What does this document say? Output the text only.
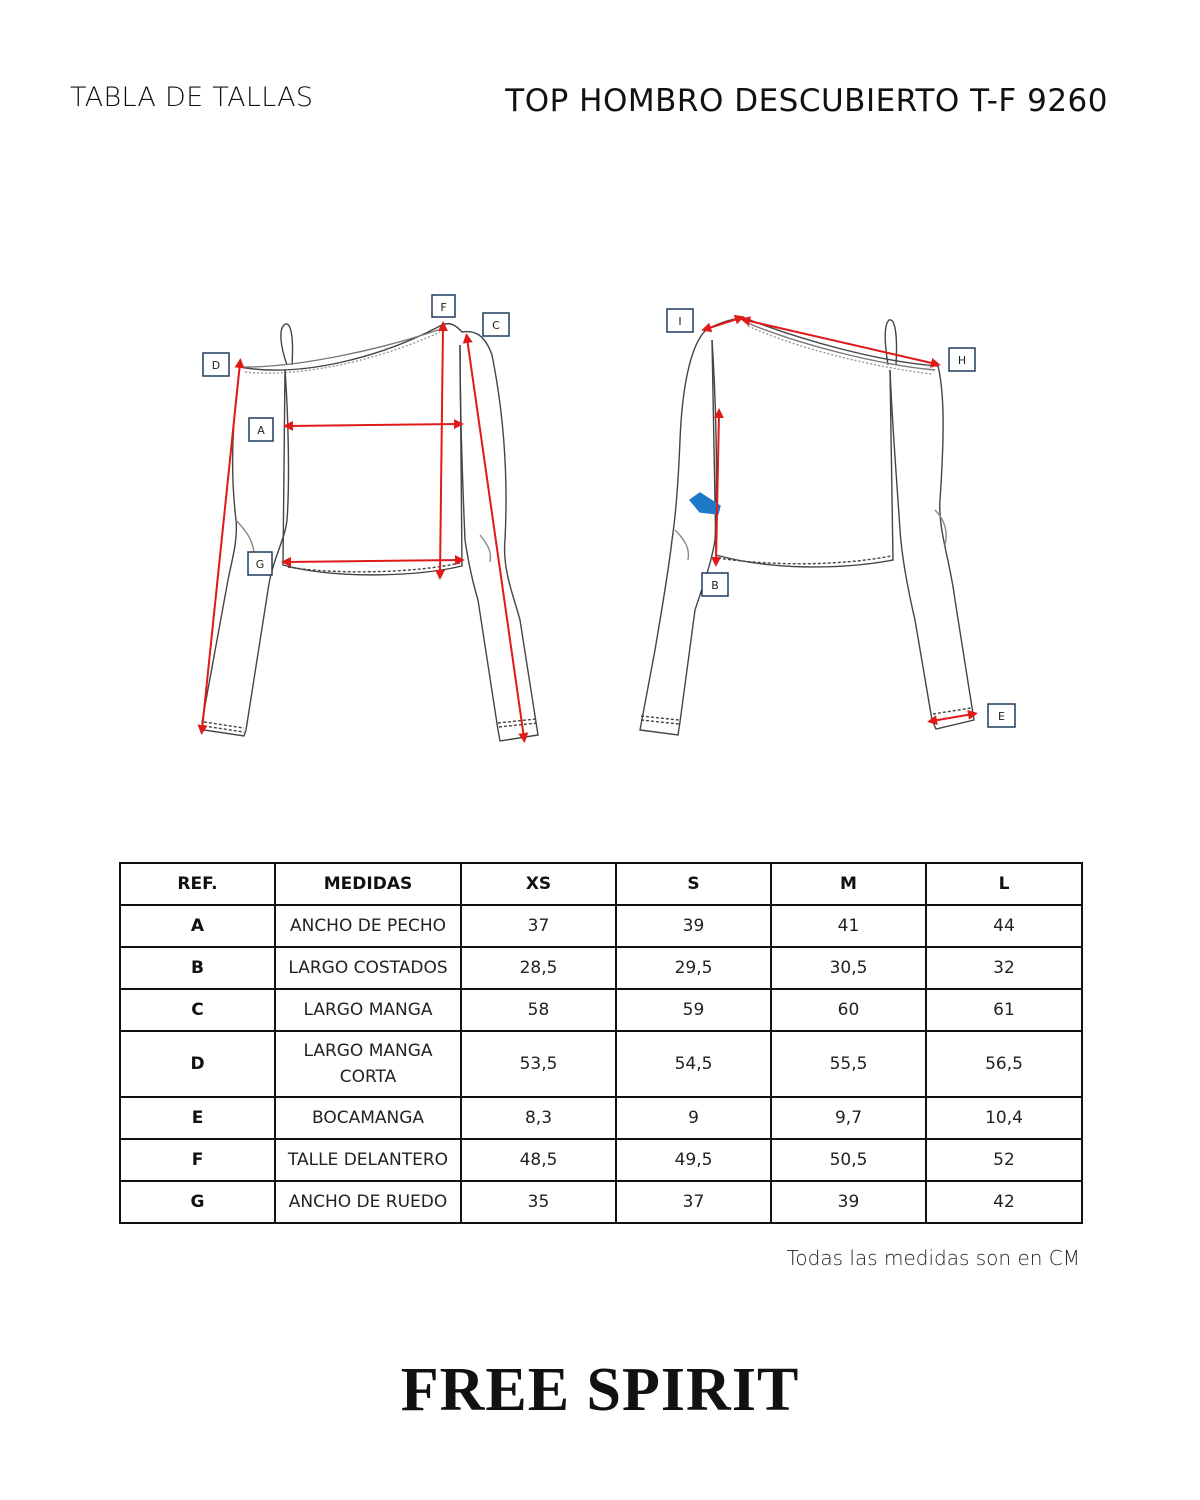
TABLA DE TALLAS	TOP HOMBRO DESCUBIERTO T-F 9260
F
C
D
A
G
I
H
B
E
REF.	MEDIDAS	XS	S	M	L
A	ANCHO DE PECHO	37	39	41	44
B	LARGO COSTADOS	28,5	29,5	30,5	32
C	LARGO MANGA	58	59	60	61
D	LARGO MANGA CORTA	53,5	54,5	55,5	56,5
E	BOCAMANGA	8,3	9	9,7	10,4
F	TALLE DELANTERO	48,5	49,5	50,5	52
G	ANCHO DE RUEDO	35	37	39	42
Todas las medidas son en CM
FREE SPIRIT
